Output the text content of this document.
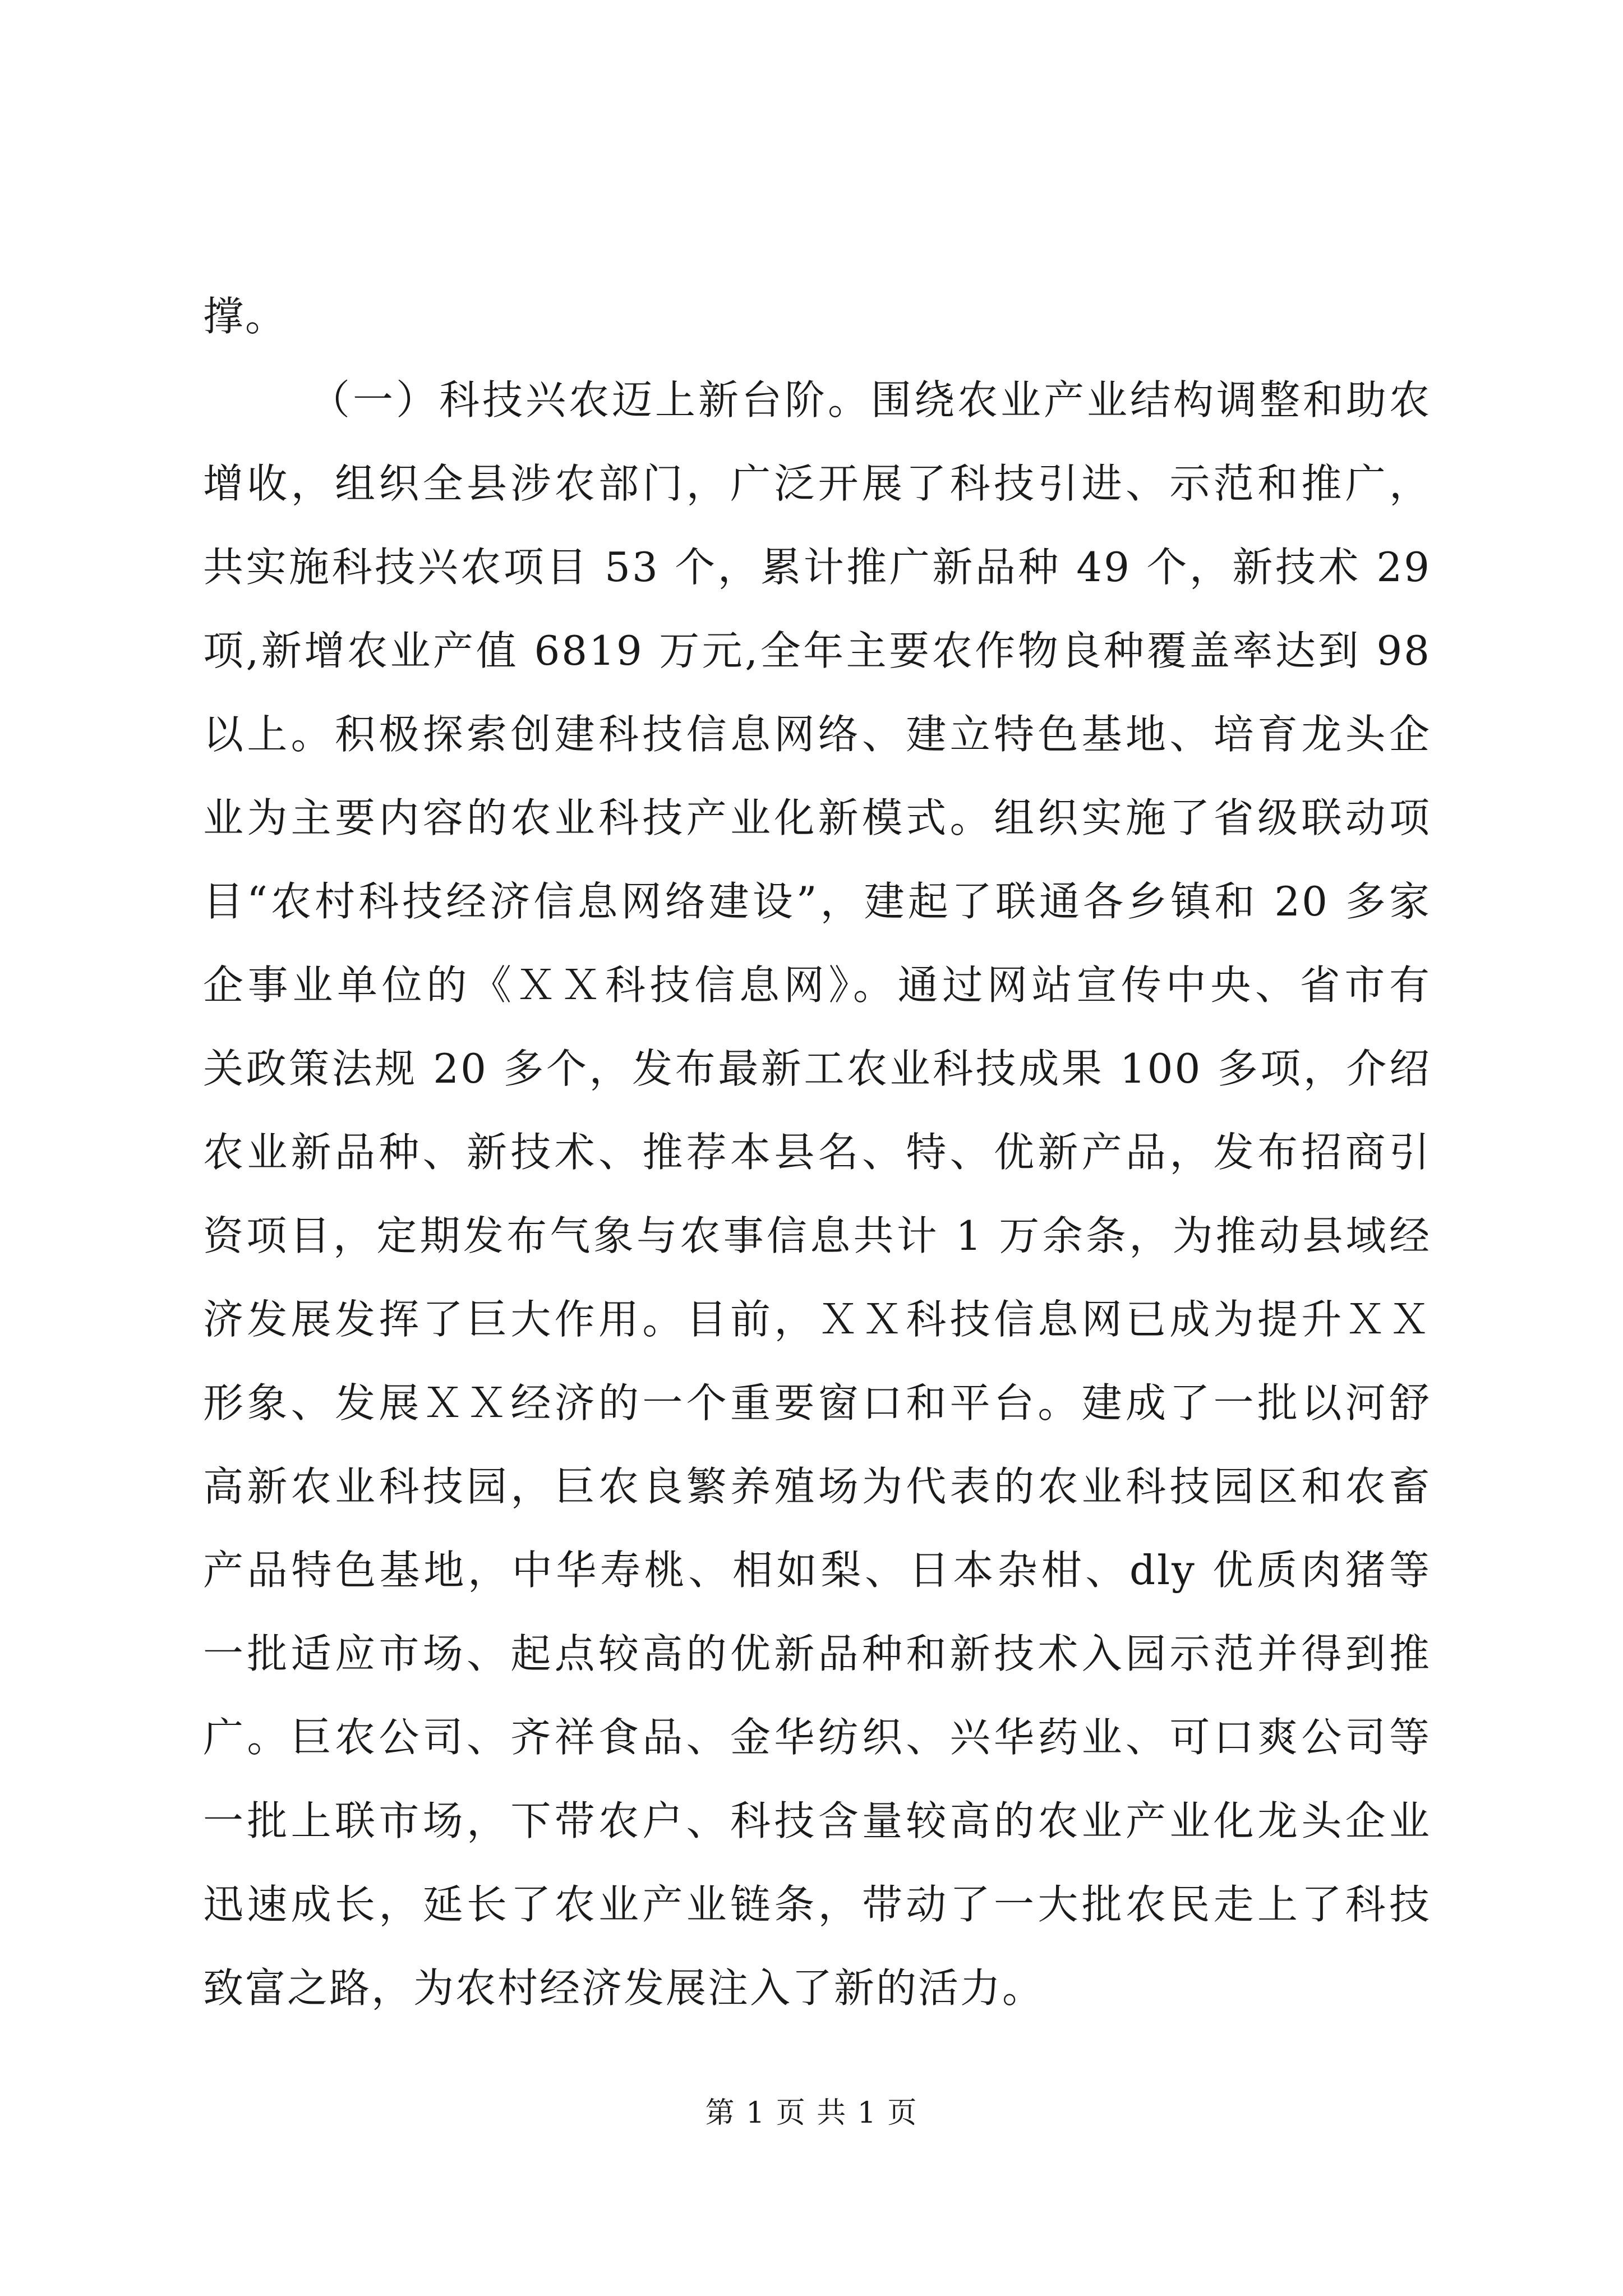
撑。
（一）科技兴农迈上新台阶。围绕农业产业结构调整和助农
增收，组织全县涉农部门，广泛开展了科技引进、示范和推广，
共实施科技兴农项目 53 个，累计推广新品种 49 个，新技术 29
项,新增农业产值 6819 万元,全年主要农作物良种覆盖率达到 98
以上。积极探索创建科技信息网络、建立特色基地、培育龙头企
业为主要内容的农业科技产业化新模式。组织实施了省级联动项
目“农村科技经济信息网络建设”，建起了联通各乡镇和 20 多家
企事业单位的《ＸＸ科技信息网》。通过网站宣传中央、省市有
关政策法规 20 多个，发布最新工农业科技成果 100 多项，介绍
农业新品种、新技术、推荐本县名、特、优新产品，发布招商引
资项目，定期发布气象与农事信息共计 1 万余条，为推动县域经
济发展发挥了巨大作用。目前，ＸＸ科技信息网已成为提升ＸＸ
形象、发展ＸＸ经济的一个重要窗口和平台。建成了一批以河舒
高新农业科技园，巨农良繁养殖场为代表的农业科技园区和农畜
产品特色基地，中华寿桃、相如梨、日本杂柑、dly 优质肉猪等
一批适应市场、起点较高的优新品种和新技术入园示范并得到推
广。巨农公司、齐祥食品、金华纺织、兴华药业、可口爽公司等
一批上联市场，下带农户、科技含量较高的农业产业化龙头企业
迅速成长，延长了农业产业链条，带动了一大批农民走上了科技
致富之路，为农村经济发展注入了新的活力。
第 1 页 共 1 页
